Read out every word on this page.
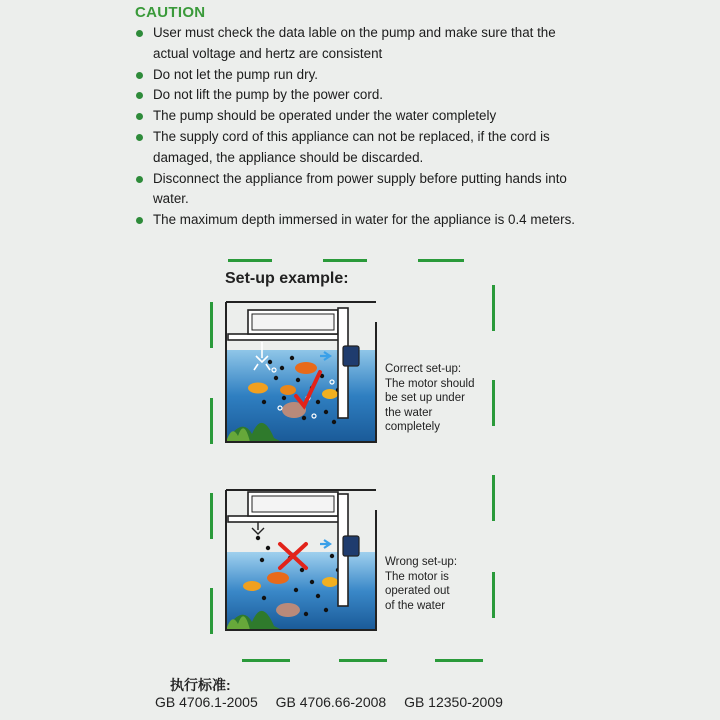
CAUTION
User must check the data lable on the pump and make sure that the actual voltage and hertz are consistent
Do not let the pump run dry.
Do not lift the pump by the power cord.
The pump should be operated under the water completely
The supply cord of this appliance can not be replaced, if the cord is damaged, the appliance should be discarded.
Disconnect the appliance from power supply before putting hands into water.
The maximum depth immersed in water for the appliance is 0.4 meters.
Set-up example:
Correct set-up:
The motor should
be set up under
the water
completely
Wrong set-up:
The motor is
operated out
of the water
执行标准:
GB 4706.1-2005 GB 4706.66-2008 GB 12350-2009
